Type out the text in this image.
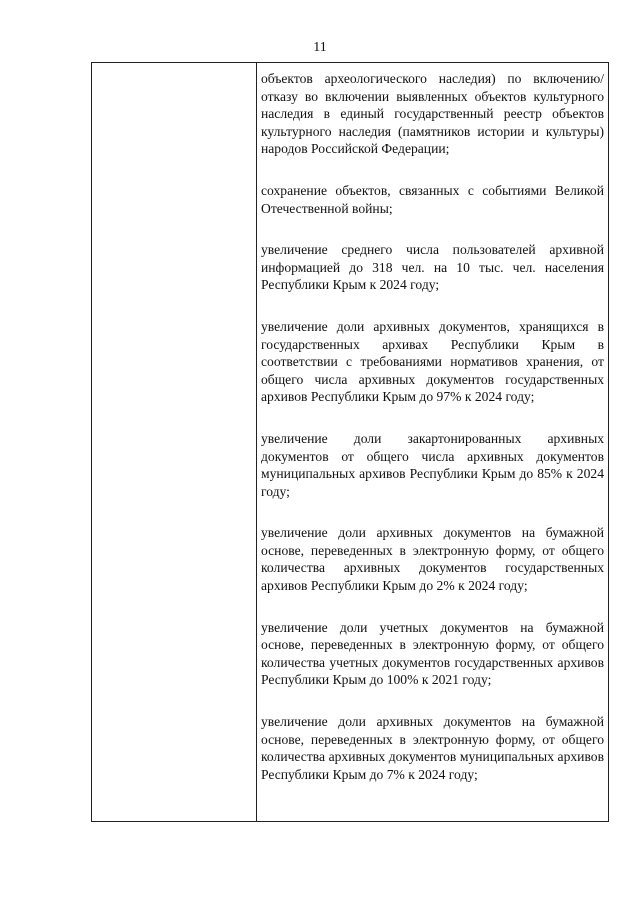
11

объектов археологического наследия) по включению/отказу во включении выявленных объектов культурного наследия в единый государственный реестр объектов культурного наследия (памятников истории и культуры) народов Российской Федерации;

сохранение объектов, связанных с событиями Великой Отечественной войны;

увеличение среднего числа пользователей архивной информацией до 318 чел. на 10 тыс. чел. населения Республики Крым к 2024 году;

увеличение доли архивных документов, хранящихся в государственных архивах Республики Крым в соответствии с требованиями нормативов хранения, от общего числа архивных документов государственных архивов Республики Крым до 97% к 2024 году;

увеличение доли закартонированных архивных документов от общего числа архивных документов муниципальных архивов Республики Крым до 85% к 2024 году;

увеличение доли архивных документов на бумажной основе, переведенных в электронную форму, от общего количества архивных документов государственных архивов Республики Крым до 2% к 2024 году;

увеличение доли учетных документов на бумажной основе, переведенных в электронную форму, от общего количества учетных документов государственных архивов Республики Крым до 100% к 2021 году;

увеличение доли архивных документов на бумажной основе, переведенных в электронную форму, от общего количества архивных документов муниципальных архивов Республики Крым до 7% к 2024 году;
